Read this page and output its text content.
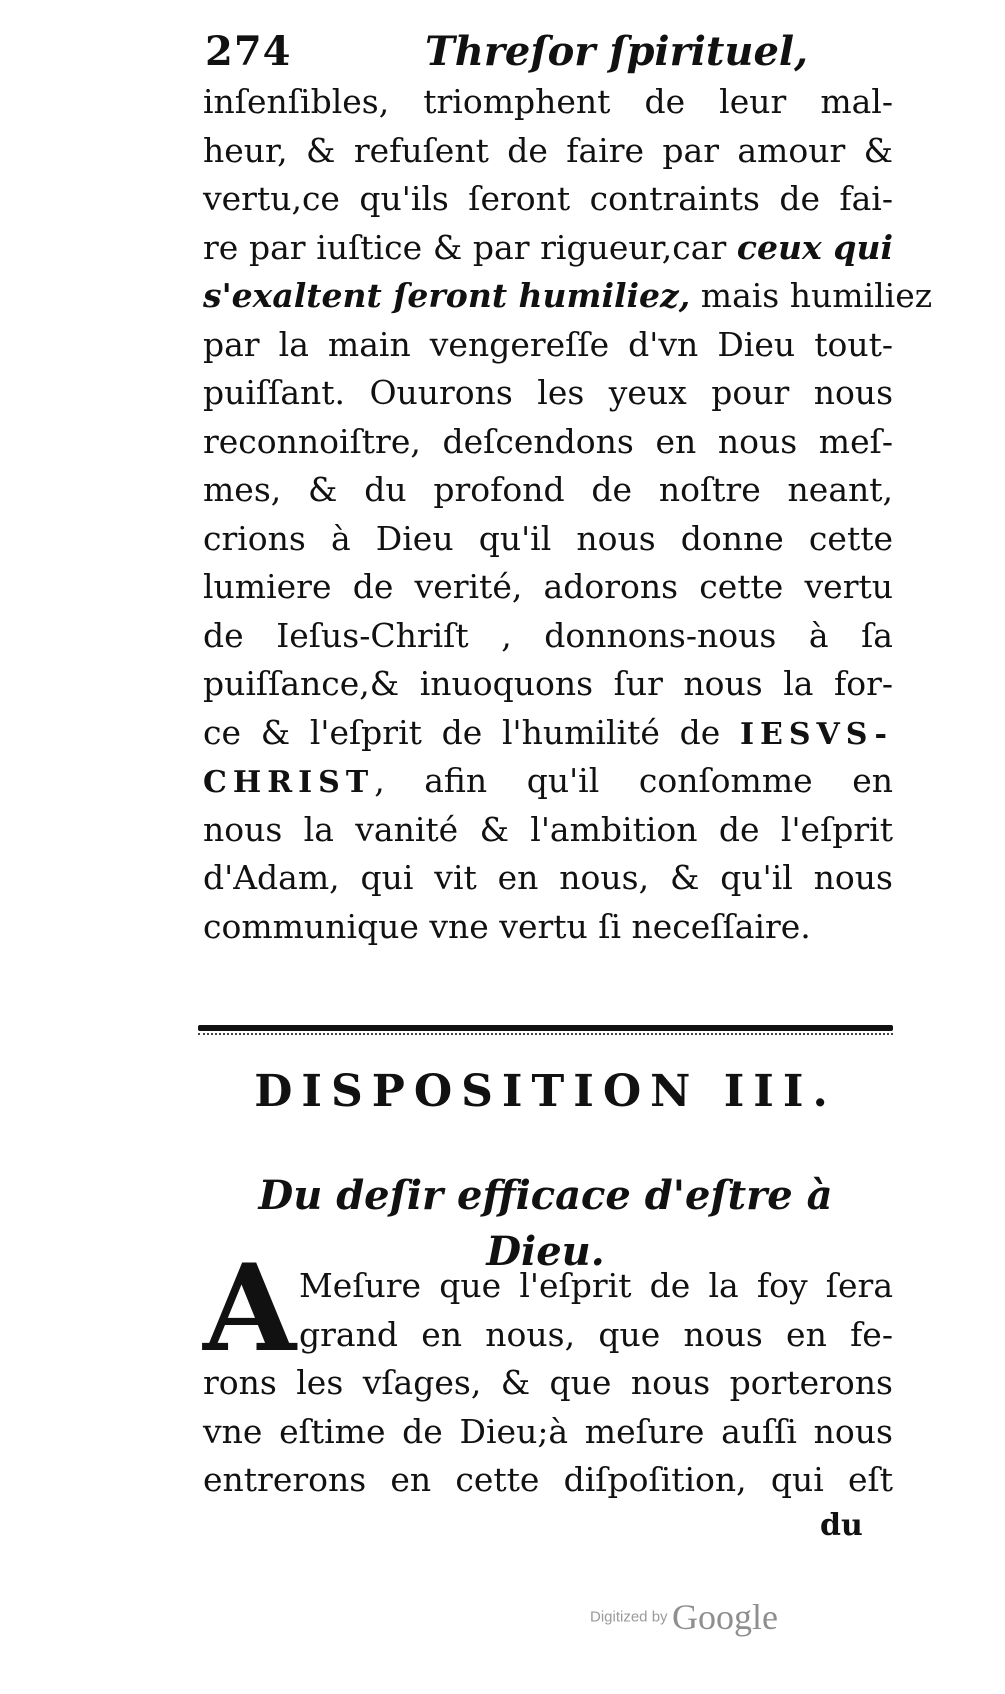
274	Threſor ſpirituel,
inſenſibles, triomphent de leur mal-
heur, & refuſent de faire par amour &
vertu,ce qu'ils ſeront contraints de fai-
re par iuſtice & par rigueur,car ceux qui
s'exaltent ſeront humiliez, mais humiliez
par la main vengereſſe d'vn Dieu tout-
puiſſant. Ouurons les yeux pour nous
reconnoiſtre, deſcendons en nous meſ-
mes, & du profond de noſtre neant,
crions à Dieu qu'il nous donne cette
lumiere de verité, adorons cette vertu
de Ieſus-Chriſt , donnons-nous à ſa
puiſſance,& inuoquons ſur nous la for-
ce & l'eſprit de l'humilité de IESVS-
CHRIST, afin qu'il conſomme en
nous la vanité & l'ambition de l'eſprit
d'Adam, qui vit en nous, & qu'il nous
communique vne vertu ſi neceſſaire.
DISPOSITION III.
Du deſir efficace d'eſtre à Dieu.
A Meſure que l'eſprit de la foy ſera
grand en nous, que nous en fe-
rons les vſages, & que nous porterons
vne eſtime de Dieu;à meſure auſſi nous
entrerons en cette diſpoſition, qui eſt
du
Digitized by Google
